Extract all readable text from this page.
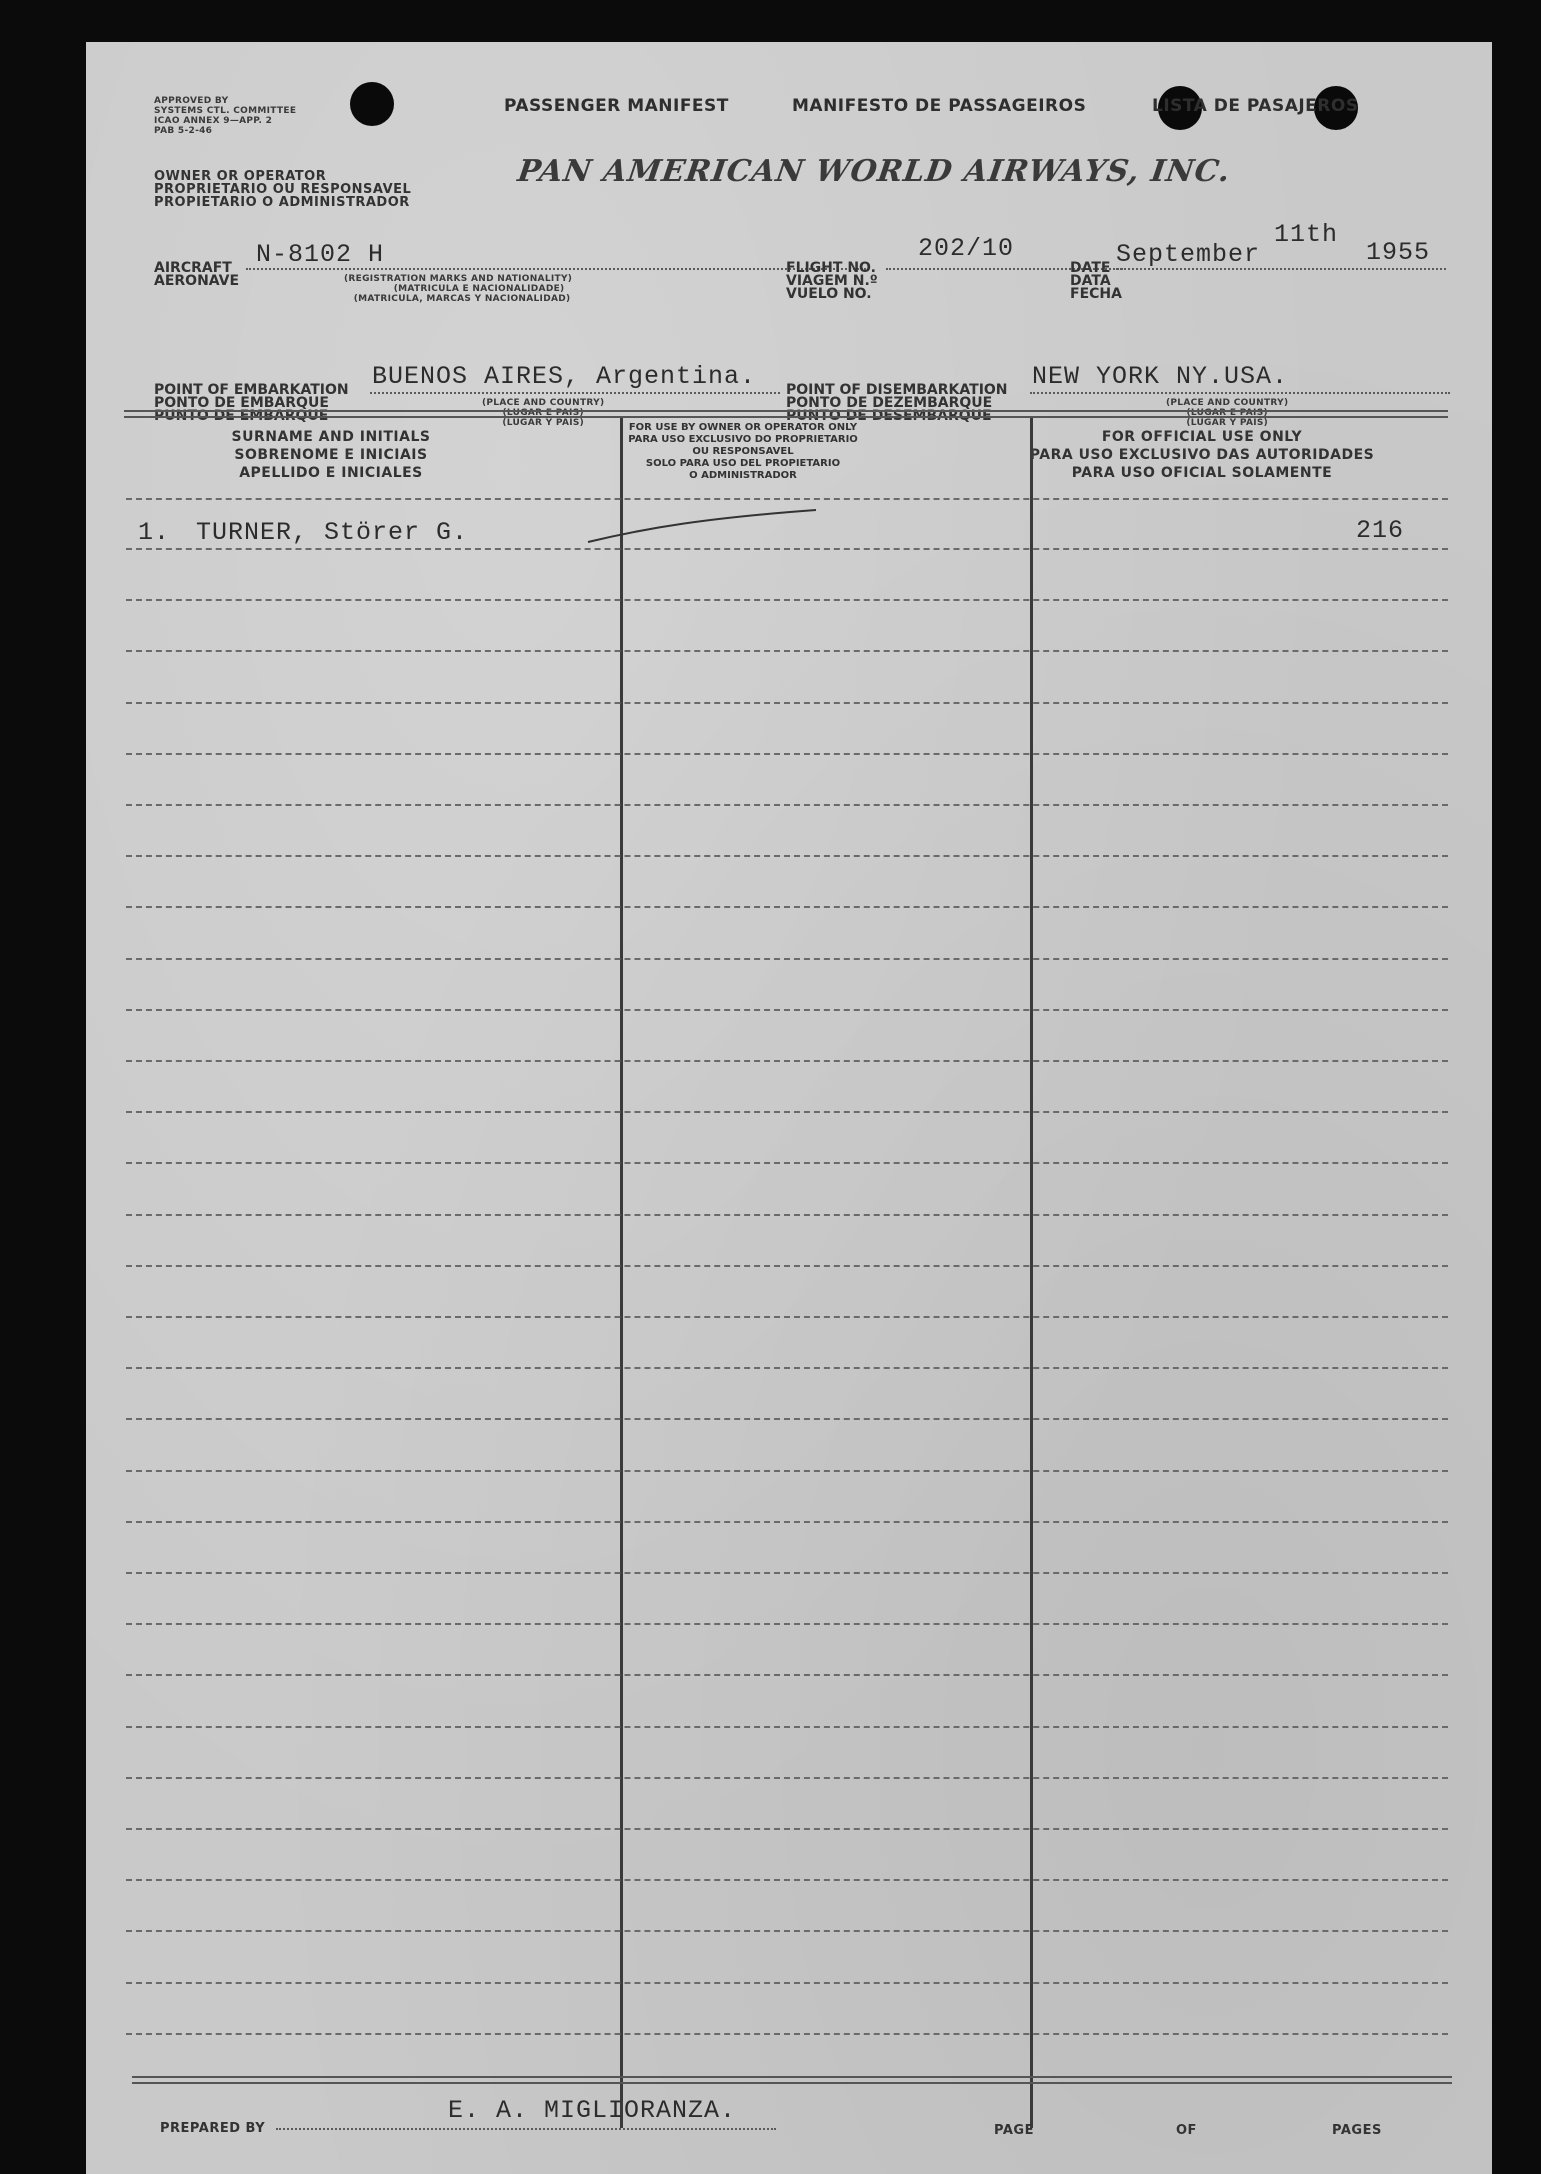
APPROVED BY
SYSTEMS CTL. COMMITTEE
ICAO ANNEX 9—APP. 2
PAB 5-2-46
PASSENGER MANIFEST	MANIFESTO DE PASSAGEIROS	LISTA DE PASAJEROS
OWNER OR OPERATOR
PROPRIETARIO OU RESPONSAVEL
PROPIETARIO O ADMINISTRADOR
PAN AMERICAN WORLD AIRWAYS, INC.
AIRCRAFT
AERONAVE
N-8102 H
(REGISTRATION MARKS AND NATIONALITY)
(MATRICULA E NACIONALIDADE)
(MATRICULA, MARCAS Y NACIONALIDAD)
FLIGHT NO.
VIAGEM N.º
VUELO NO.
202/10
DATE
DATA
FECHA
September
11th
1955
POINT OF EMBARKATION
PONTO DE EMBARQUE
PUNTO DE EMBARQUE
BUENOS AIRES, Argentina.
(PLACE AND COUNTRY)
(LUGAR E PAIS)
(LUGAR Y PAIS)
POINT OF DISEMBARKATION
PONTO DE DEZEMBARQUE
PUNTO DE DESEMBARQUE
NEW YORK NY.USA.
(PLACE AND COUNTRY)
(LUGAR E PAIS)
(LUGAR Y PAIS)
SURNAME AND INITIALS
SOBRENOME E INICIAIS
APELLIDO E INICIALES
FOR USE BY OWNER OR OPERATOR ONLY
PARA USO EXCLUSIVO DO PROPRIETARIO
OU RESPONSAVEL
SOLO PARA USO DEL PROPIETARIO
O ADMINISTRADOR
FOR OFFICIAL USE ONLY
PARA USO EXCLUSIVO DAS AUTORIDADES
PARA USO OFICIAL SOLAMENTE
1. TURNER, Störer G.	216
PREPARED BY
E. A. MIGLIORANZA.
PAGE	OF	PAGES
